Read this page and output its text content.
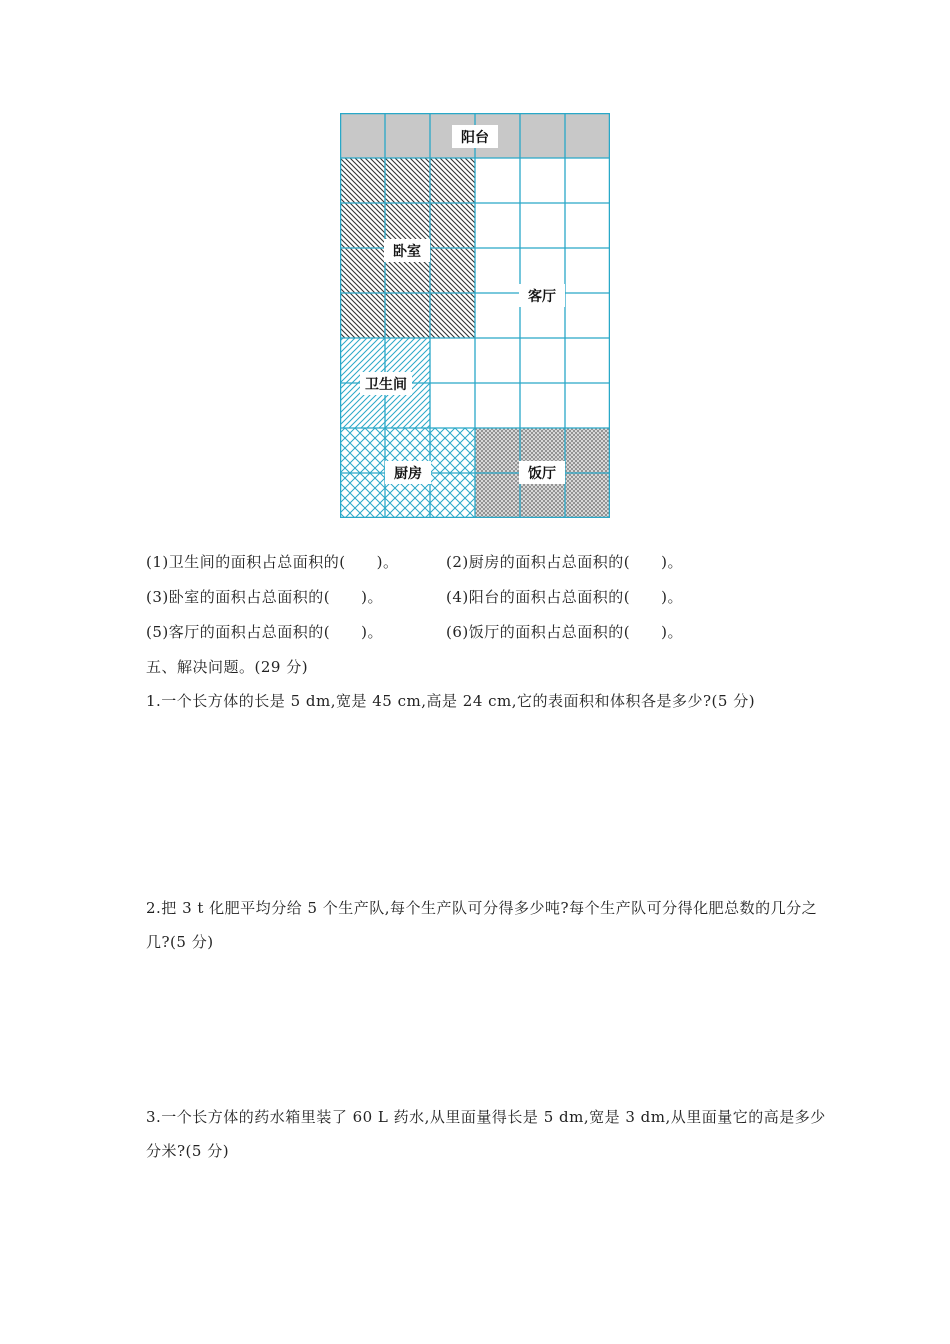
阳台
卧室
客厅
卫生间
厨房	饭厅
(1)卫生间的面积占总面积的(　　)。	(2)厨房的面积占总面积的(　　)。
(3)卧室的面积占总面积的(　　)。	(4)阳台的面积占总面积的(　　)。
(5)客厅的面积占总面积的(　　)。	(6)饭厅的面积占总面积的(　　)。
五、解决问题。(29 分)
1.一个长方体的长是 5 dm,宽是 45 cm,高是 24 cm,它的表面积和体积各是多少?(5 分)
2.把 3 t 化肥平均分给 5 个生产队,每个生产队可分得多少吨?每个生产队可分得化肥总数的几分之几?(5 分)
3.一个长方体的药水箱里装了 60 L 药水,从里面量得长是 5 dm,宽是 3 dm,从里面量它的高是多少分米?(5 分)
